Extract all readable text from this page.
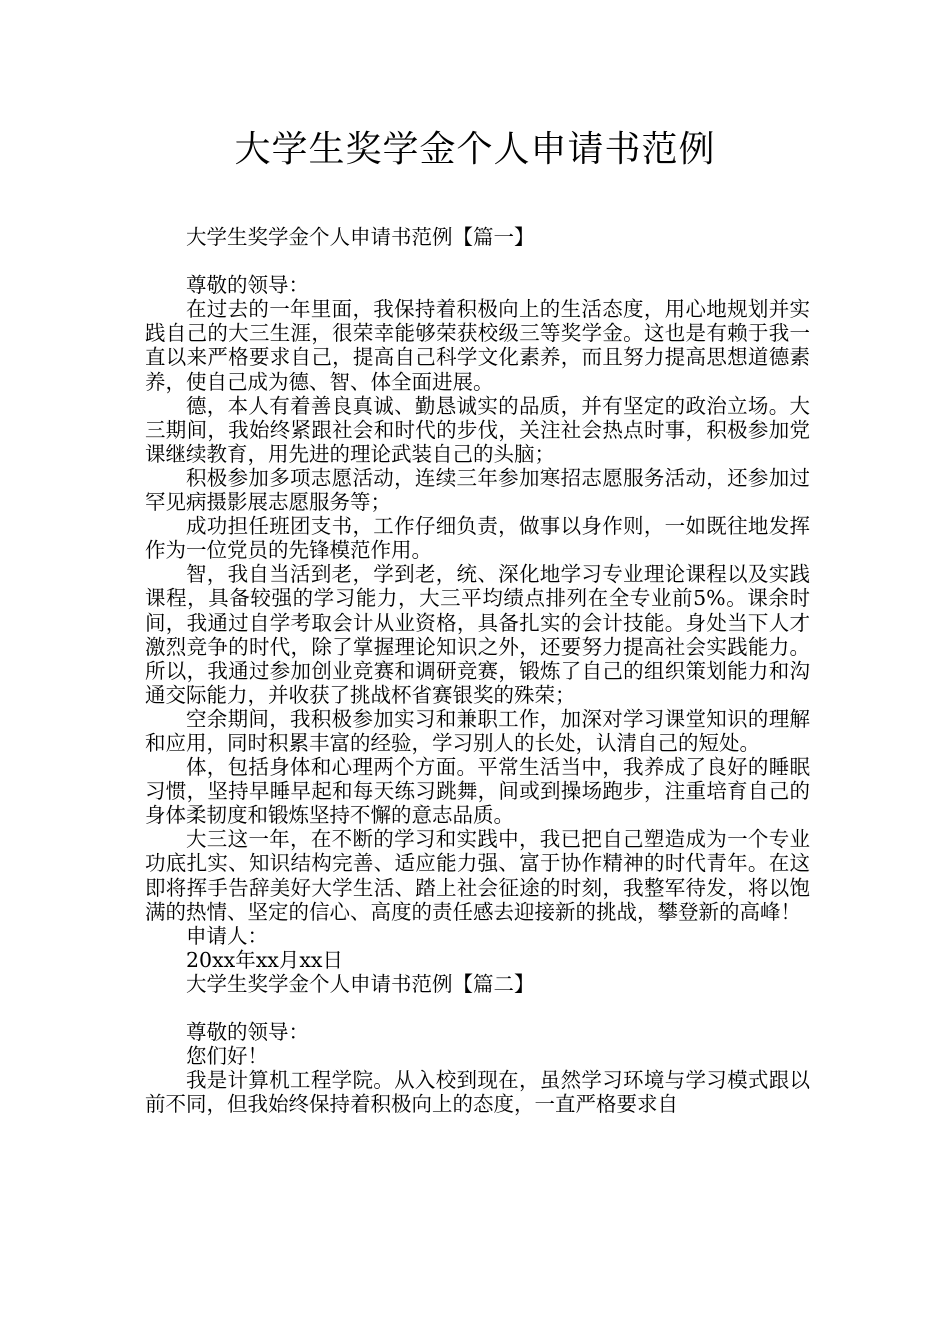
大学生奖学金个人申请书范例

大学生奖学金个人申请书范例【篇一】

尊敬的领导：

在过去的一年里面，我保持着积极向上的生活态度，用心地规划并实践自己的大三生涯，很荣幸能够荣获校级三等奖学金。这也是有赖于我一直以来严格要求自己，提高自己科学文化素养，而且努力提高思想道德素养，使自己成为德、智、体全面进展。

德，本人有着善良真诚、勤恳诚实的品质，并有坚定的政治立场。大三期间，我始终紧跟社会和时代的步伐，关注社会热点时事，积极参加党课继续教育，用先进的理论武装自己的头脑；

积极参加多项志愿活动，连续三年参加寒招志愿服务活动，还参加过罕见病摄影展志愿服务等；

成功担任班团支书，工作仔细负责，做事以身作则，一如既往地发挥作为一位党员的先锋模范作用。

智，我自当活到老，学到老，统、深化地学习专业理论课程以及实践课程，具备较强的学习能力，大三平均绩点排列在全专业前5%。课余时间，我通过自学考取会计从业资格，具备扎实的会计技能。身处当下人才激烈竞争的时代，除了掌握理论知识之外，还要努力提高社会实践能力。所以，我通过参加创业竞赛和调研竞赛，锻炼了自己的组织策划能力和沟通交际能力，并收获了挑战杯省赛银奖的殊荣；

空余期间，我积极参加实习和兼职工作，加深对学习课堂知识的理解和应用，同时积累丰富的经验，学习别人的长处，认清自己的短处。

体，包括身体和心理两个方面。平常生活当中，我养成了良好的睡眠习惯，坚持早睡早起和每天练习跳舞，间或到操场跑步，注重培育自己的身体柔韧度和锻炼坚持不懈的意志品质。

大三这一年，在不断的学习和实践中，我已把自己塑造成为一个专业功底扎实、知识结构完善、适应能力强、富于协作精神的时代青年。在这即将挥手告辞美好大学生活、踏上社会征途的时刻，我整军待发，将以饱满的热情、坚定的信心、高度的责任感去迎接新的挑战，攀登新的高峰！

申请人：

20xx年xx月xx日

大学生奖学金个人申请书范例【篇二】

尊敬的领导：

您们好！

我是计算机工程学院。从入校到现在，虽然学习环境与学习模式跟以前不同，但我始终保持着积极向上的态度，一直严格要求自
